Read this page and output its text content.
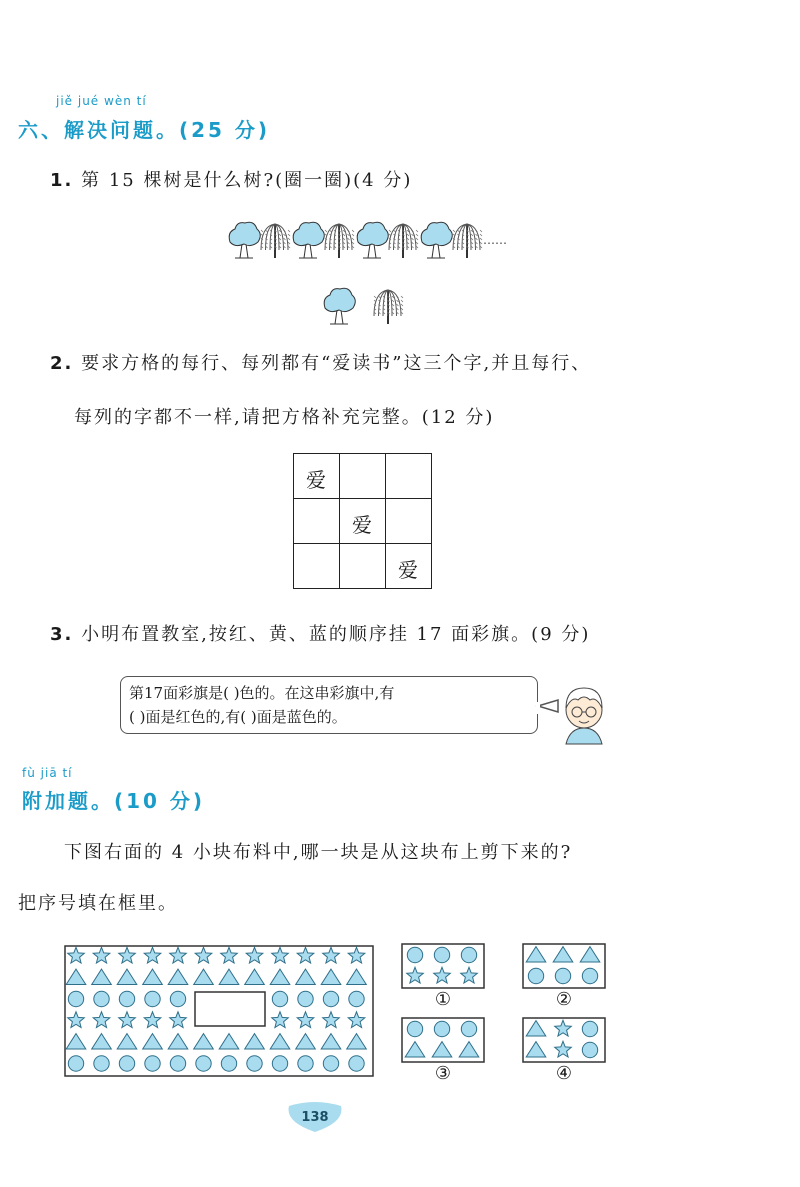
jiě jué wèn tí
六、解决问题。(25 分)
1. 第 15 棵树是什么树?(圈一圈)(4 分)
……
2. 要求方格的每行、每列都有“爱读书”这三个字,并且每行、
每列的字都不一样,请把方格补充完整。(12 分)
爱		
	爱	
		爱
3. 小明布置教室,按红、黄、蓝的顺序挂 17 面彩旗。(9 分)
第17面彩旗是( )色的。在这串彩旗中,有
( )面是红色的,有( )面是蓝色的。
fù jiā tí
附加题。(10 分)
下图右面的 4 小块布料中,哪一块是从这块布上剪下来的?
把序号填在框里。
①	②
③	④
138
